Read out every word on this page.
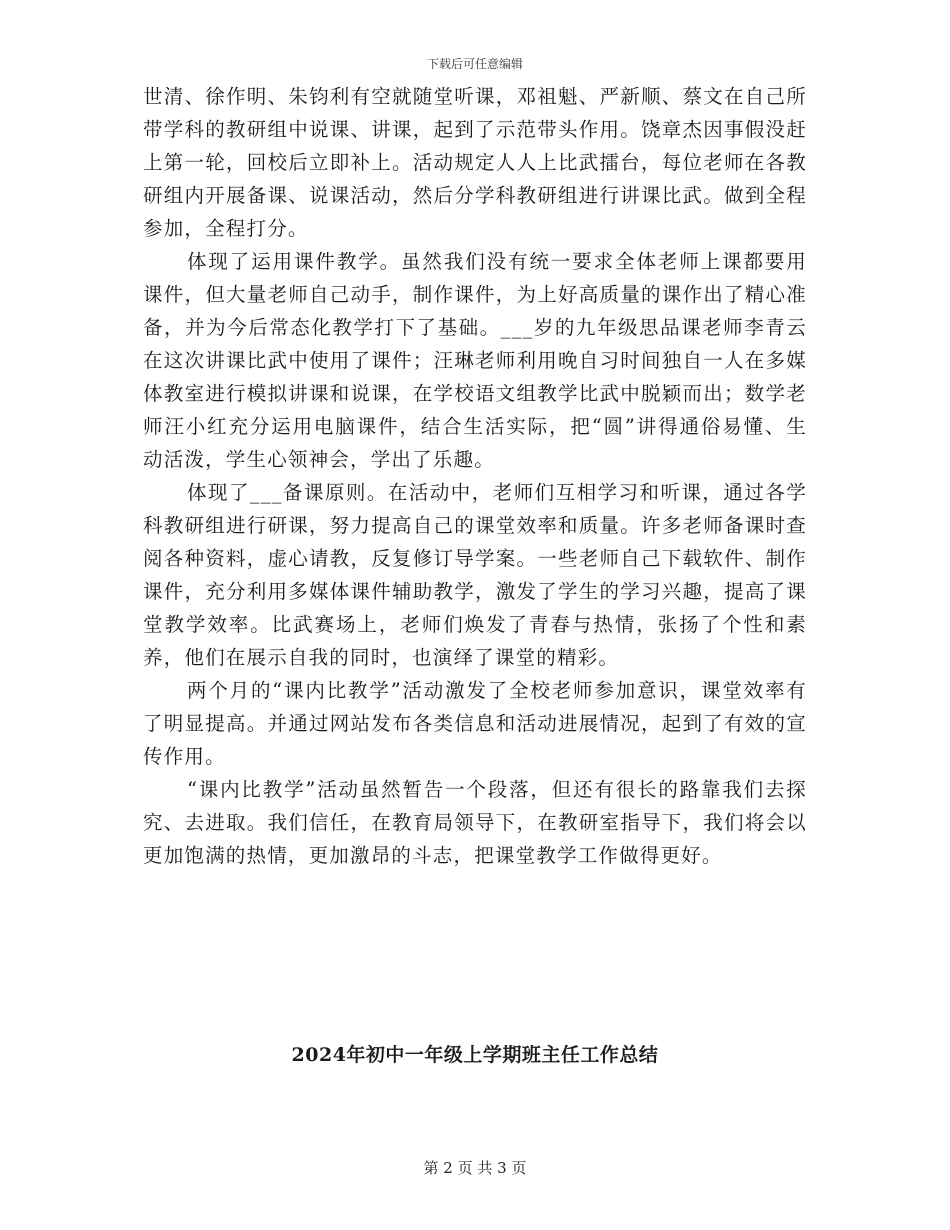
下载后可任意编辑

世清、徐作明、朱钧利有空就随堂听课，邓祖魁、严新顺、蔡文在自己所带学科的教研组中说课、讲课，起到了示范带头作用。饶章杰因事假没赶上第一轮，回校后立即补上。活动规定人人上比武擂台，每位老师在各教研组内开展备课、说课活动，然后分学科教研组进行讲课比武。做到全程参加，全程打分。

体现了运用课件教学。虽然我们没有统一要求全体老师上课都要用课件，但大量老师自己动手，制作课件，为上好高质量的课作出了精心准备，并为今后常态化教学打下了基础。___岁的九年级思品课老师李青云在这次讲课比武中使用了课件；汪琳老师利用晚自习时间独自一人在多媒体教室进行模拟讲课和说课，在学校语文组教学比武中脱颖而出；数学老师汪小红充分运用电脑课件，结合生活实际，把“圆”讲得通俗易懂、生动活泼，学生心领神会，学出了乐趣。

体现了___备课原则。在活动中，老师们互相学习和听课，通过各学科教研组进行研课，努力提高自己的课堂效率和质量。许多老师备课时查阅各种资料，虚心请教，反复修订导学案。一些老师自己下载软件、制作课件，充分利用多媒体课件辅助教学，激发了学生的学习兴趣，提高了课堂教学效率。比武赛场上，老师们焕发了青春与热情，张扬了个性和素养，他们在展示自我的同时，也演绎了课堂的精彩。

两个月的“课内比教学”活动激发了全校老师参加意识，课堂效率有了明显提高。并通过网站发布各类信息和活动进展情况，起到了有效的宣传作用。

“课内比教学”活动虽然暂告一个段落，但还有很长的路靠我们去探究、去进取。我们信任，在教育局领导下，在教研室指导下，我们将会以更加饱满的热情，更加激昂的斗志，把课堂教学工作做得更好。

2024年初中一年级上学期班主任工作总结
第 2 页 共 3 页
